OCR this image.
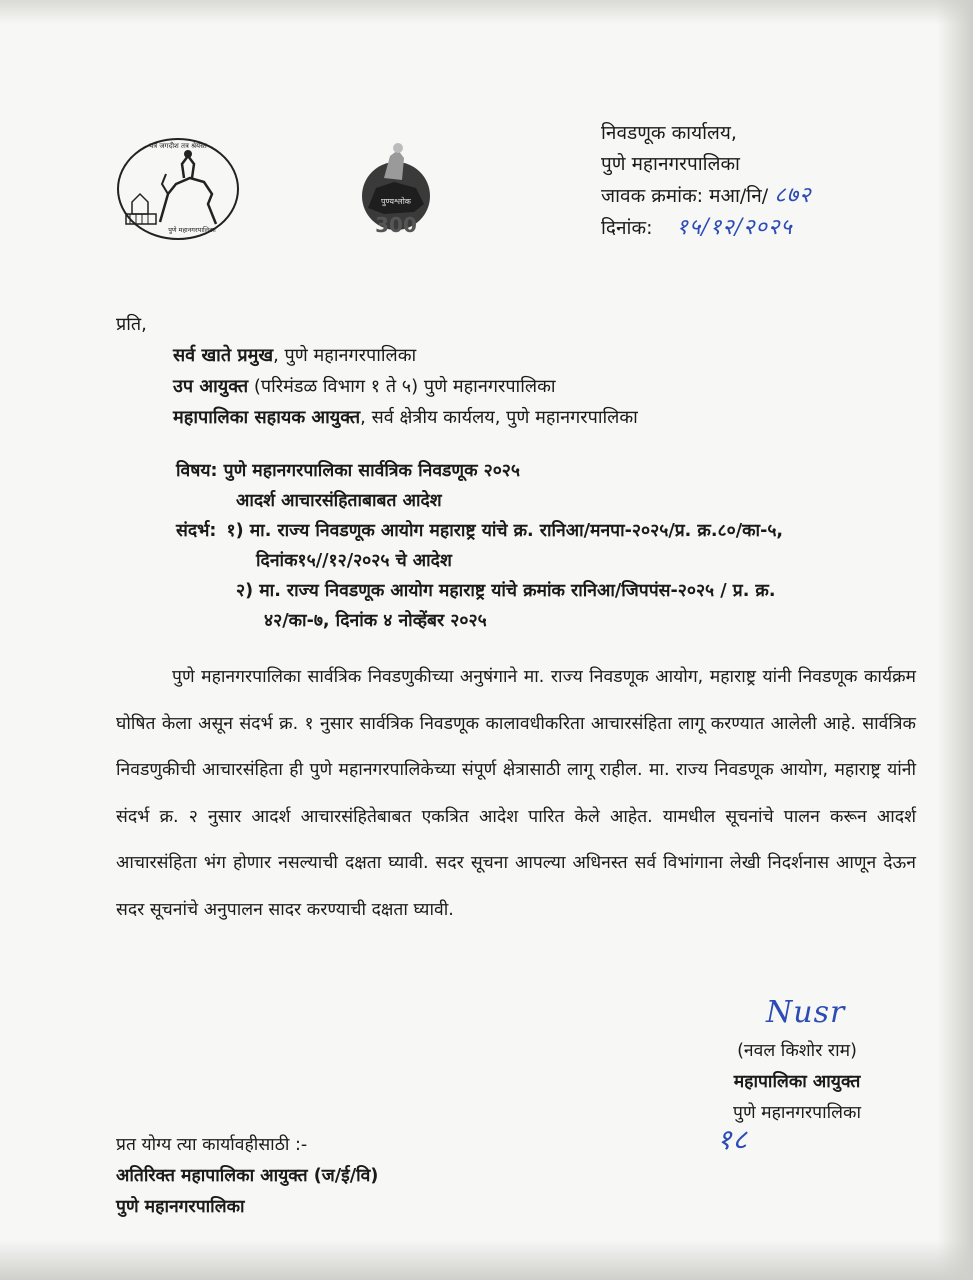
यत्र जगदीश तत्र श्रेयस्त
पुणे महानगरपालिका
पुण्यश्लोक
300
निवडणूक कार्यालय,
पुणे महानगरपालिका
जावक क्रमांक: मआ/नि/ ८७२
दिनांक: १५/१२/२०२५
प्रति,
सर्व खाते प्रमुख, पुणे महानगरपालिका
उप आयुक्त (परिमंडळ विभाग १ ते ५) पुणे महानगरपालिका
महापालिका सहायक आयुक्त, सर्व क्षेत्रीय कार्यलय, पुणे महानगरपालिका
विषय: पुणे महानगरपालिका सार्वत्रिक निवडणूक २०२५
आदर्श आचारसंहिताबाबत आदेश
संदर्भ: १) मा. राज्य निवडणूक आयोग महाराष्ट्र यांचे क्र. रानिआ/मनपा-२०२५/प्र. क्र.८०/का-५,
दिनांक१५//१२/२०२५ चे आदेश
२) मा. राज्य निवडणूक आयोग महाराष्ट्र यांचे क्रमांक रानिआ/जिपपंस-२०२५ / प्र. क्र.
४२/का-७, दिनांक ४ नोव्हेंबर २०२५

पुणे महानगरपालिका सार्वत्रिक निवडणुकीच्या अनुषंगाने मा. राज्य निवडणूक आयोग, महाराष्ट्र यांनी निवडणूक कार्यक्रम घोषित केला असून संदर्भ क्र. १ नुसार सार्वत्रिक निवडणूक कालावधीकरिता आचारसंहिता लागू करण्यात आलेली आहे. सार्वत्रिक निवडणुकीची आचारसंहिता ही पुणे महानगरपालिकेच्या संपूर्ण क्षेत्रासाठी लागू राहील. मा. राज्य निवडणूक आयोग, महाराष्ट्र यांनी संदर्भ क्र. २ नुसार आदर्श आचारसंहितेबाबत एकत्रित आदेश पारित केले आहेत. यामधील सूचनांचे पालन करून आदर्श आचारसंहिता भंग होणार नसल्याची दक्षता घ्यावी. सदर सूचना आपल्या अधिनस्त सर्व विभांगाना लेखी निदर्शनास आणून देऊन सदर सूचनांचे अनुपालन सादर करण्याची दक्षता घ्यावी.

Nusr
(नवल किशोर राम)
महापालिका आयुक्त
पुणे महानगरपालिका
१८
प्रत योग्य त्या कार्यावहीसाठी :-
अतिरिक्त महापालिका आयुक्त (ज/ई/वि)
पुणे महानगरपालिका
